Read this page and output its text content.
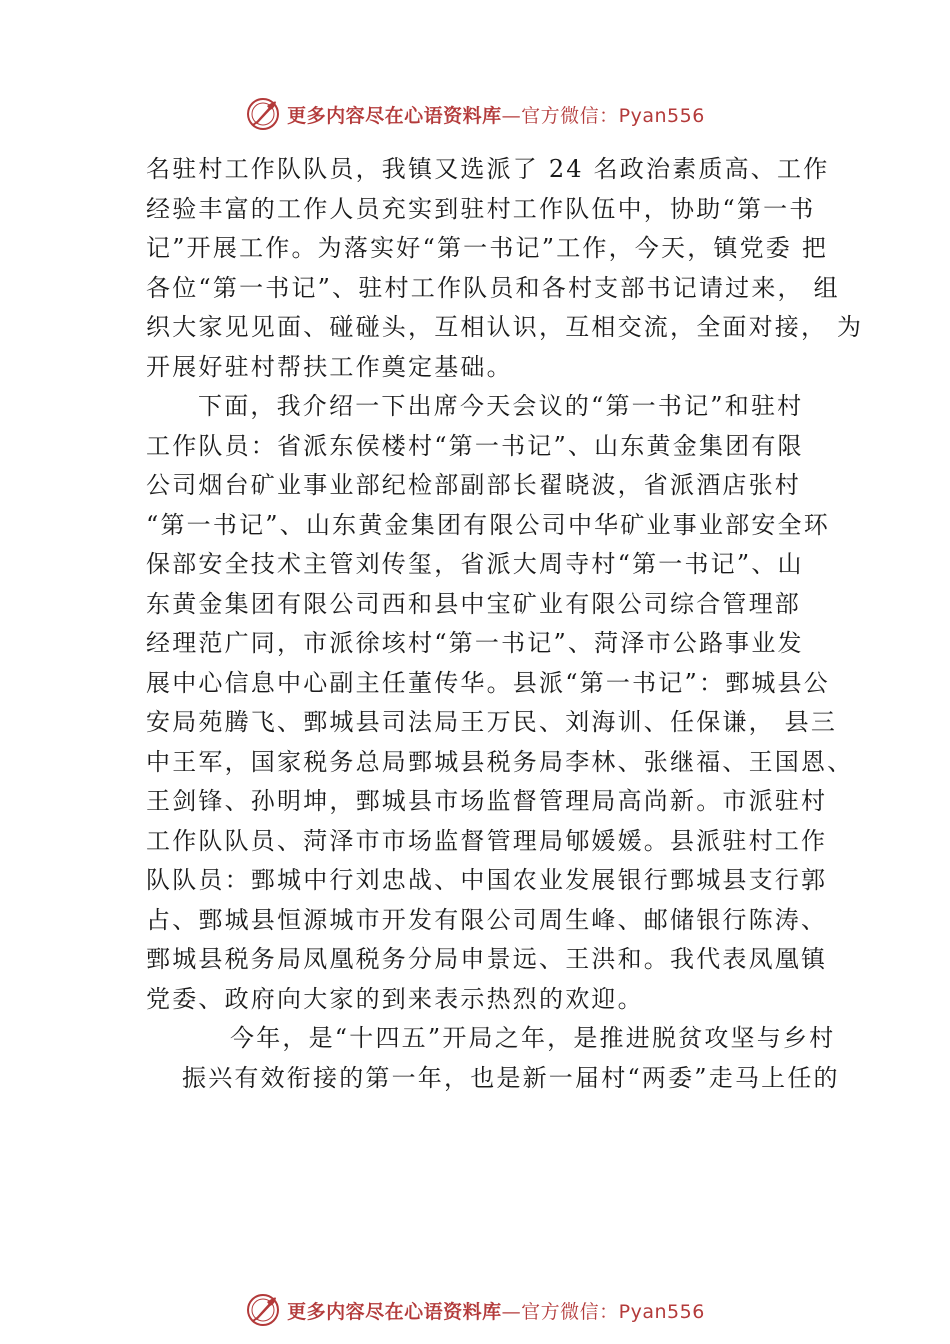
更多内容尽在心语资料库—官方微信：Pyan556
名驻村工作队队员，我镇又选派了 24 名政治素质高、工作
经验丰富的工作人员充实到驻村工作队伍中，协助“第一书
记”开展工作。为落实好“第一书记”工作，今天，镇党委 把
各位“第一书记”、驻村工作队员和各村支部书记请过来， 组
织大家见见面、碰碰头，互相认识，互相交流，全面对接， 为
开展好驻村帮扶工作奠定基础。
下面，我介绍一下出席今天会议的“第一书记”和驻村
工作队员：省派东侯楼村“第一书记”、山东黄金集团有限
公司烟台矿业事业部纪检部副部长翟晓波，省派酒店张村
“第一书记”、山东黄金集团有限公司中华矿业事业部安全环
保部安全技术主管刘传玺，省派大周寺村“第一书记”、山
东黄金集团有限公司西和县中宝矿业有限公司综合管理部
经理范广同，市派徐垓村“第一书记”、菏泽市公路事业发
展中心信息中心副主任董传华。县派“第一书记”：鄄城县公
安局苑腾飞、鄄城县司法局王万民、刘海训、任保谦， 县三
中王军，国家税务总局鄄城县税务局李林、张继福、王国恩、
王剑锋、孙明坤，鄄城县市场监督管理局高尚新。市派驻村
工作队队员、菏泽市市场监督管理局郇媛媛。县派驻村工作
队队员：鄄城中行刘忠战、中国农业发展银行鄄城县支行郭
占、鄄城县恒源城市开发有限公司周生峰、邮储银行陈涛、
鄄城县税务局凤凰税务分局申景远、王洪和。我代表凤凰镇
党委、政府向大家的到来表示热烈的欢迎。
今年，是“十四五”开局之年，是推进脱贫攻坚与乡村
振兴有效衔接的第一年，也是新一届村“两委”走马上任的
更多内容尽在心语资料库—官方微信：Pyan556
